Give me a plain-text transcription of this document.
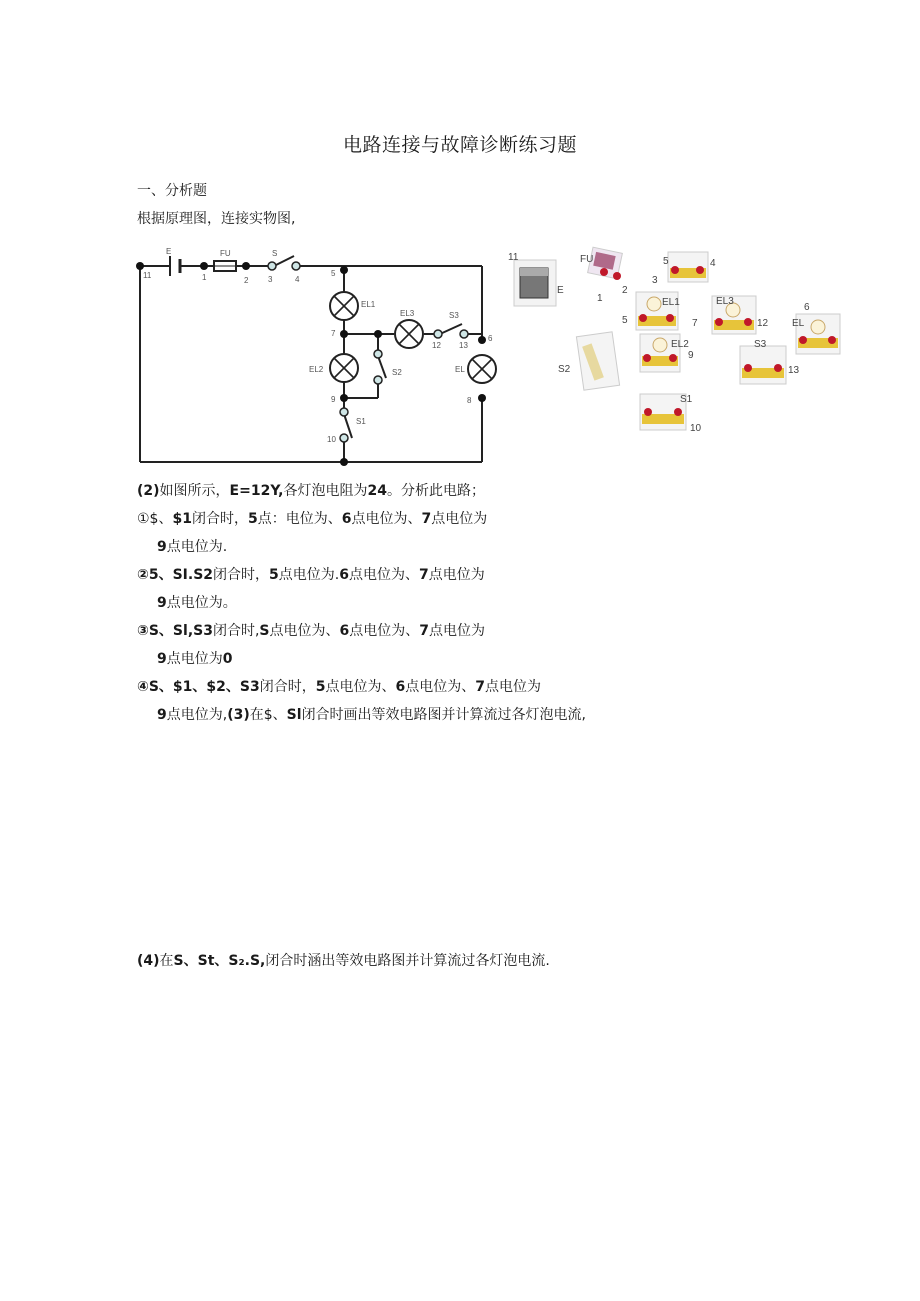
电路连接与故障诊断练习题
一、分析题
根据原理图，连接实物图,
11
E	FU	S
1	2 3	4
5
EL1
7
EL3	S3
12 13
6
EL2	S2	EL
8
9
S1
10
11
E
FU
1
2
3
5	4
EL1
5	7
EL3
12
6
EL
S2
EL2
9
S3
13
S1
10
(2)如图所示，E=12Y,各灯泡电阻为24。分析此电路；
①$、$1闭合时，5点：电位为、6点电位为、7点电位为
9点电位为.
②5、SI.S2闭合时，5点电位为.6点电位为、7点电位为
9点电位为。
③S、Sl,S3闭合时,S点电位为、6点电位为、7点电位为
9点电位为0
④S、$1、$2、S3闭合时，5点电位为、6点电位为、7点电位为
9点电位为,(3)在$、Sl闭合时画出等效电路图并计算流过各灯泡电流,
(4)在S、St、S₂.S,闭合时涵出等效电路图并计算流过各灯泡电流.
